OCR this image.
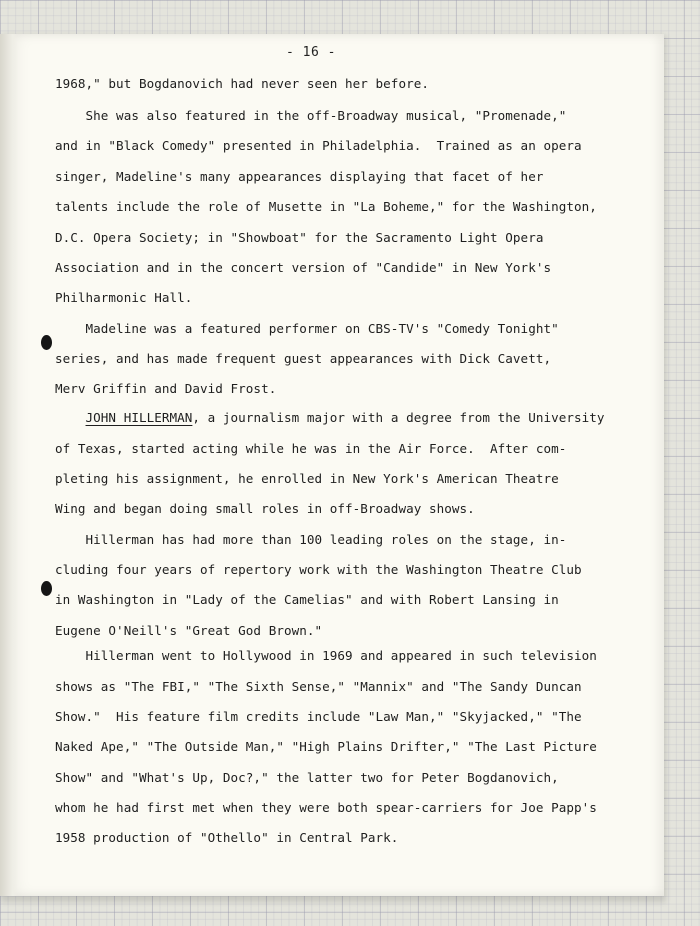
- 16 -
1968," but Bogdanovich had never seen her before.
She was also featured in the off-Broadway musical, "Promenade,"
and in "Black Comedy" presented in Philadelphia.  Trained as an opera
singer, Madeline's many appearances displaying that facet of her
talents include the role of Musette in "La Boheme," for the Washington,
D.C. Opera Society; in "Showboat" for the Sacramento Light Opera
Association and in the concert version of "Candide" in New York's
Philharmonic Hall.
Madeline was a featured performer on CBS-TV's "Comedy Tonight"
series, and has made frequent guest appearances with Dick Cavett,
Merv Griffin and David Frost.
JOHN HILLERMAN, a journalism major with a degree from the University
of Texas, started acting while he was in the Air Force.  After com-
pleting his assignment, he enrolled in New York's American Theatre
Wing and began doing small roles in off-Broadway shows.
Hillerman has had more than 100 leading roles on the stage, in-
cluding four years of repertory work with the Washington Theatre Club
in Washington in "Lady of the Camelias" and with Robert Lansing in
Eugene O'Neill's "Great God Brown."
Hillerman went to Hollywood in 1969 and appeared in such television
shows as "The FBI," "The Sixth Sense," "Mannix" and "The Sandy Duncan
Show."  His feature film credits include "Law Man," "Skyjacked," "The
Naked Ape," "The Outside Man," "High Plains Drifter," "The Last Picture
Show" and "What's Up, Doc?," the latter two for Peter Bogdanovich,
whom he had first met when they were both spear-carriers for Joe Papp's
1958 production of "Othello" in Central Park.
